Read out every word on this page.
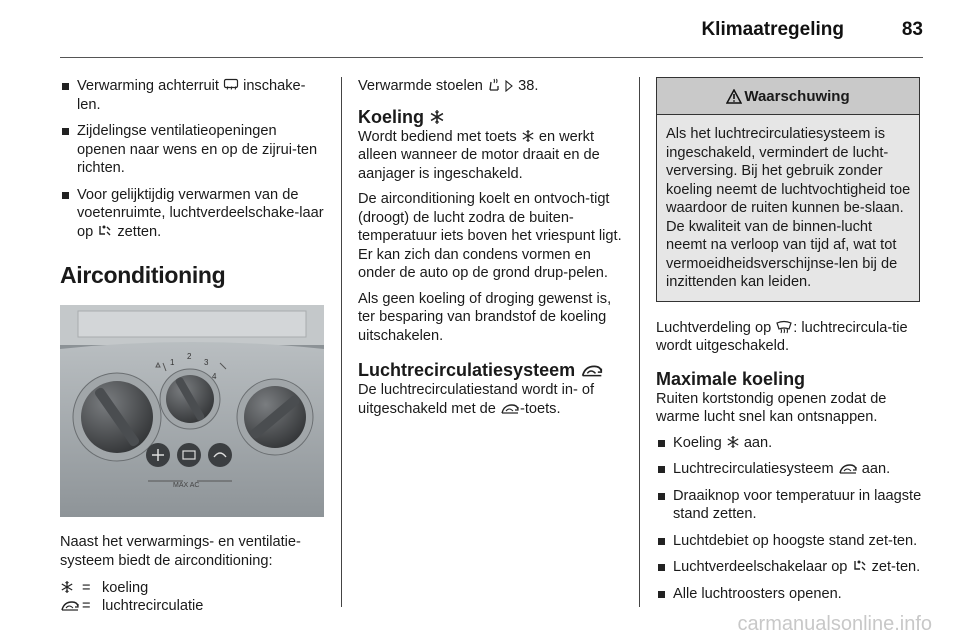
Klimaatregeling	83
Verwarming achterruit inschake-len.
Zijdelingse ventilatieopeningen openen naar wens en op de zijrui-ten richten.
Voor gelijktijdig verwarmen van de voetenruimte, luchtverdeelschake-laar op zetten.
Airconditioning
MAX AC
1
2
3
4

Naast het verwarmings- en ventilatie-systeem biedt de airconditioning:

= koeling
= luchtrecirculatie

Verwarmde stoelen 38.

Koeling

Wordt bediend met toets en werkt alleen wanneer de motor draait en de aanjager is ingeschakeld.

De airconditioning koelt en ontvoch-tigt (droogt) de lucht zodra de buiten-temperatuur iets boven het vriespunt ligt. Er kan zich dan condens vormen en onder de auto op de grond drup-pelen.

Als geen koeling of droging gewenst is, ter besparing van brandstof de koeling uitschakelen.

Luchtrecirculatiesysteem

De luchtrecirculatiestand wordt in- of uitgeschakeld met de -toets.

Waarschuwing
Als het luchtrecirculatiesysteem is ingeschakeld, vermindert de lucht-verversing. Bij het gebruik zonder koeling neemt de luchtvochtigheid toe waardoor de ruiten kunnen be-slaan. De kwaliteit van de binnen-lucht neemt na verloop van tijd af, wat tot vermoeidheidsverschijnse-len bij de inzittenden kan leiden.

Luchtverdeling op : luchtrecircula-tie wordt uitgeschakeld.

Maximale koeling

Ruiten kortstondig openen zodat de warme lucht snel kan ontsnappen.

Koeling aan.
Luchtrecirculatiesysteem aan.
Draaiknop voor temperatuur in laagste stand zetten.
Luchtdebiet op hoogste stand zet-ten.
Luchtverdeelschakelaar op zet-ten.
Alle luchtroosters openen.
carmanualsonline.info
